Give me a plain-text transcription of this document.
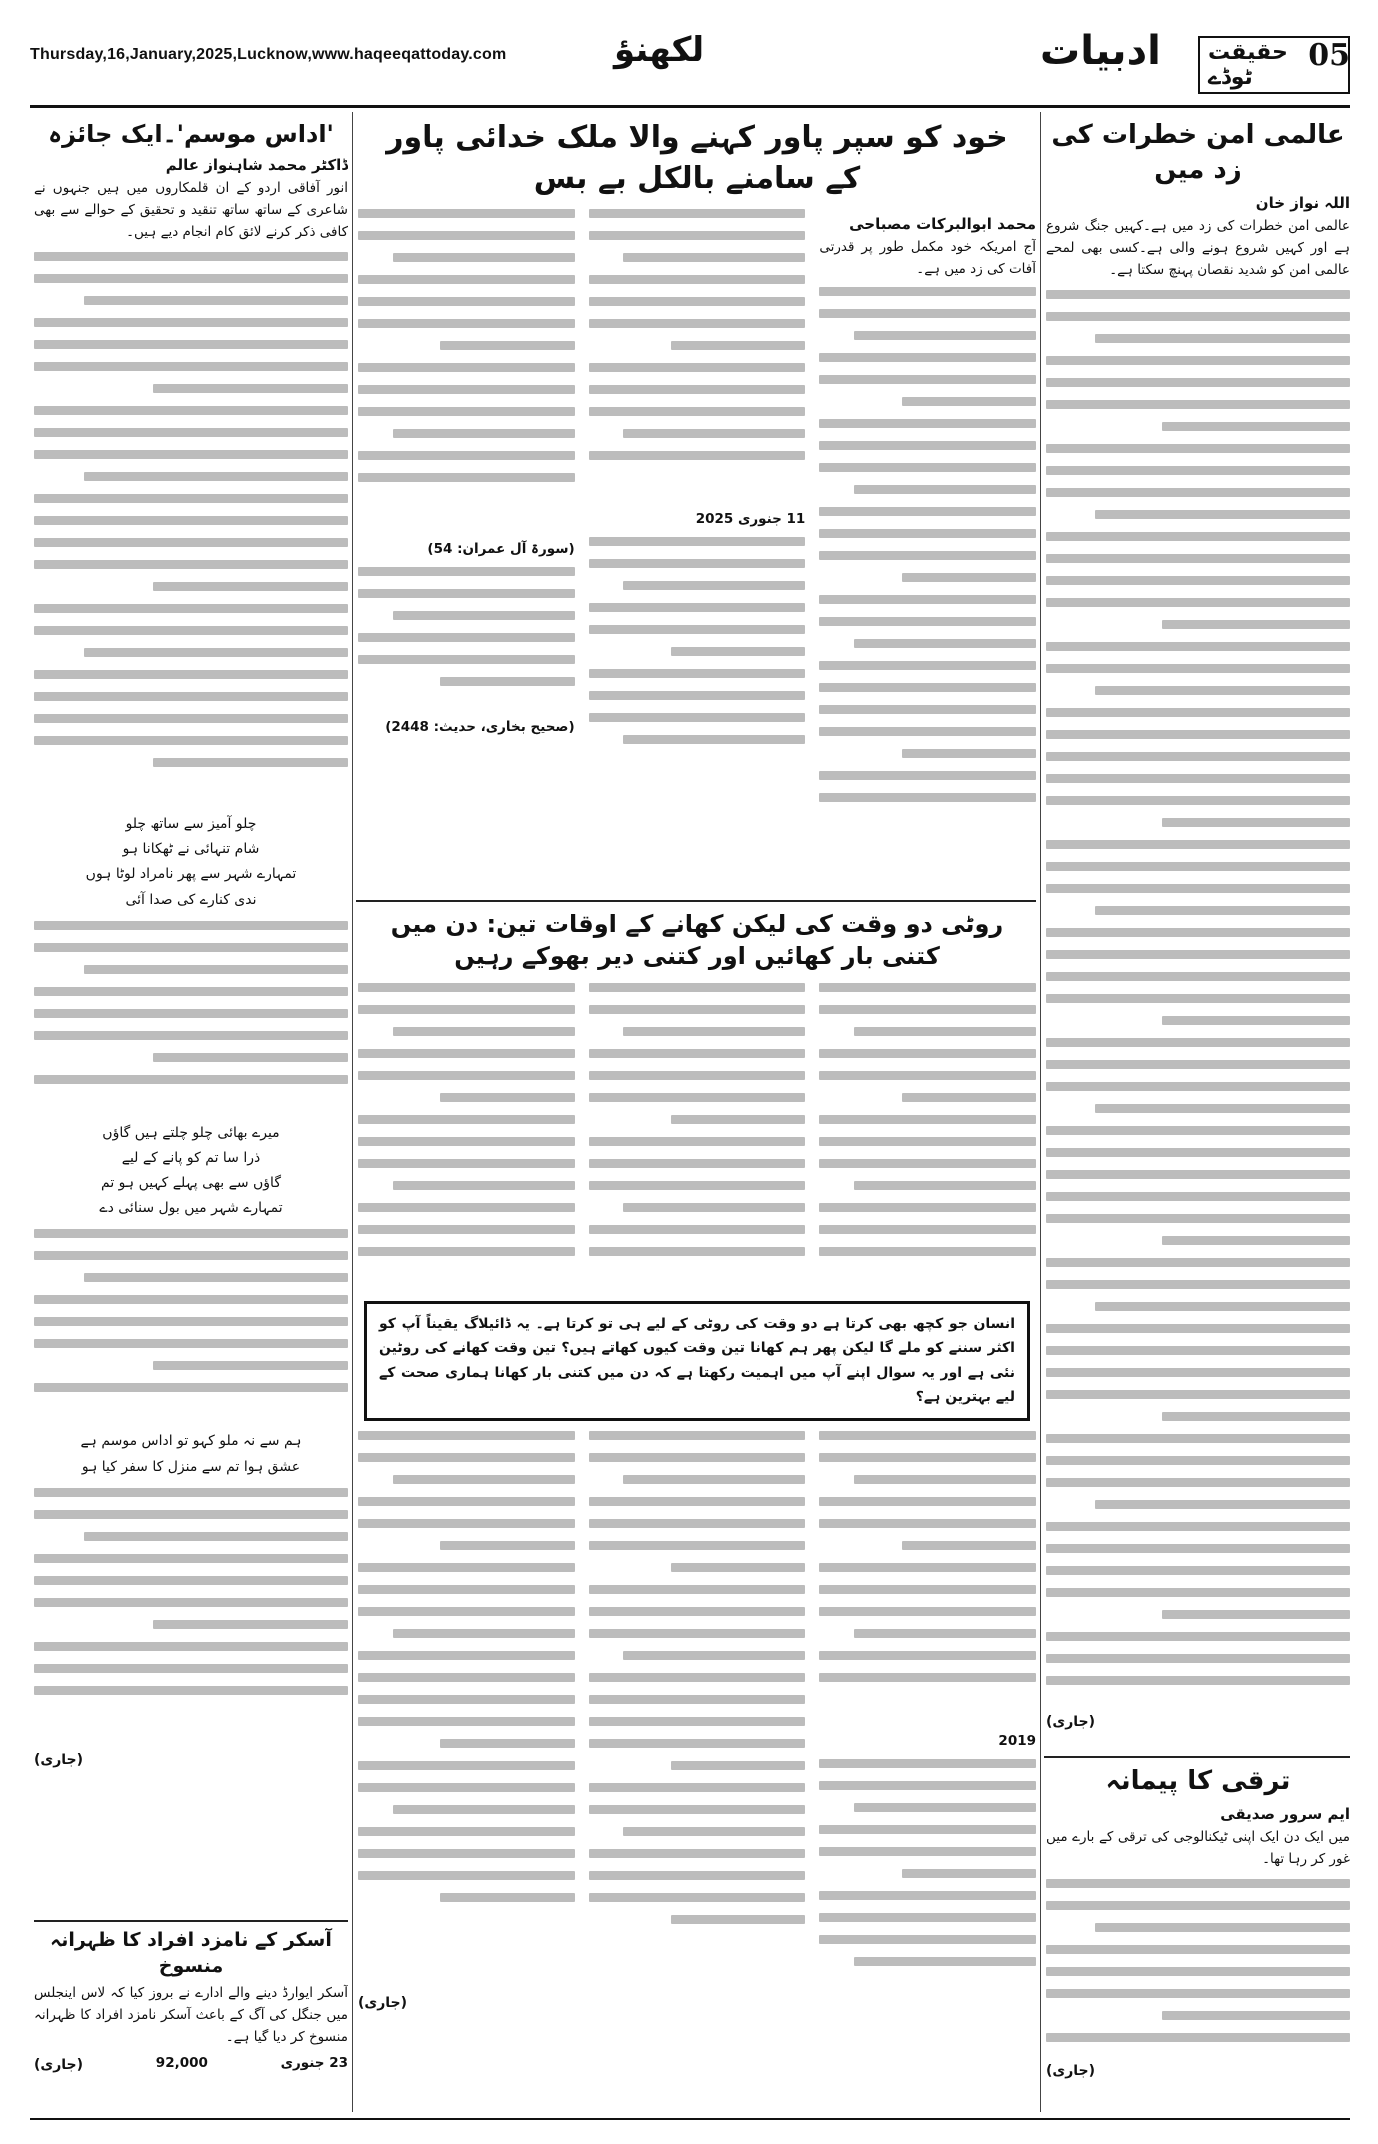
Thursday,16,January,2025,Lucknow,www.haqeeqattoday.com	لکھنؤ	ادبیات	حقیقت ٹوڈے
05
عالمی امن خطرات کی زد میں
اللہ نواز خان
عالمی امن خطرات کی زد میں ہے۔کہیں جنگ شروع ہے اور کہیں شروع ہونے والی ہے۔کسی بھی لمحے عالمی امن کو شدید نقصان پہنچ سکتا ہے۔
(جاری)
ترقی کا پیمانہ
ایم سرور صدیقی
میں ایک دن ایک اپنی ٹیکنالوجی کی ترقی کے بارے میں غور کر رہا تھا۔
(جاری)
خود کو سپر پاور کہنے والا ملک خدائی پاور کے سامنے بالکل بے بس
محمد ابوالبرکات مصباحی
آج امریکہ خود مکمل طور پر قدرتی آفات کی زد میں ہے۔
11 جنوری 2025
(سورۃ آل عمران: 54)
(صحیح بخاری، حدیث: 2448)
روٹی دو وقت کی لیکن کھانے کے اوقات تین: دن میں کتنی بار کھائیں اور کتنی دیر بھوکے رہیں
انسان جو کچھ بھی کرتا ہے دو وقت کی روٹی کے لیے ہی تو کرتا ہے۔ یہ ڈائیلاگ یقیناً آپ کو اکثر سننے کو ملے گا لیکن پھر ہم کھانا تین وقت کیوں کھاتے ہیں؟ تین وقت کھانے کی روٹین نئی ہے اور یہ سوال اپنے آپ میں اہمیت رکھتا ہے کہ دن میں کتنی بار کھانا ہماری صحت کے لیے بہترین ہے؟
2019
(جاری)
'اداس موسم'۔ایک جائزہ
ڈاکٹر محمد شاہنواز عالم
انور آفاقی اردو کے ان قلمکاروں میں ہیں جنہوں نے شاعری کے ساتھ ساتھ تنقید و تحقیق کے حوالے سے بھی کافی ذکر کرنے لائق کام انجام دیے ہیں۔
چلو آمیز سے ساتھ چلو
شام تنہائی نے ٹھکانا ہو
تمہارے شہر سے پھر نامراد لوٹا ہوں
ندی کنارے کی صدا آئی
میرے بھائی چلو چلتے ہیں گاؤں
ذرا سا تم کو پانے کے لیے
گاؤں سے بھی پہلے کہیں ہو تم
تمہارے شہر میں بول سنائی دے
ہم سے نہ ملو کہو تو اداس موسم ہے
عشق ہوا تم سے منزل کا سفر کیا ہو
(جاری)
آسکر کے نامزد افراد کا ظہرانہ منسوخ
آسکر ایوارڈ دینے والے ادارے نے بروز کیا کہ لاس اینجلس میں جنگل کی آگ کے باعث آسکر نامزد افراد کا ظہرانہ منسوخ کر دیا گیا ہے۔
23 جنوری
92,000
(جاری)
